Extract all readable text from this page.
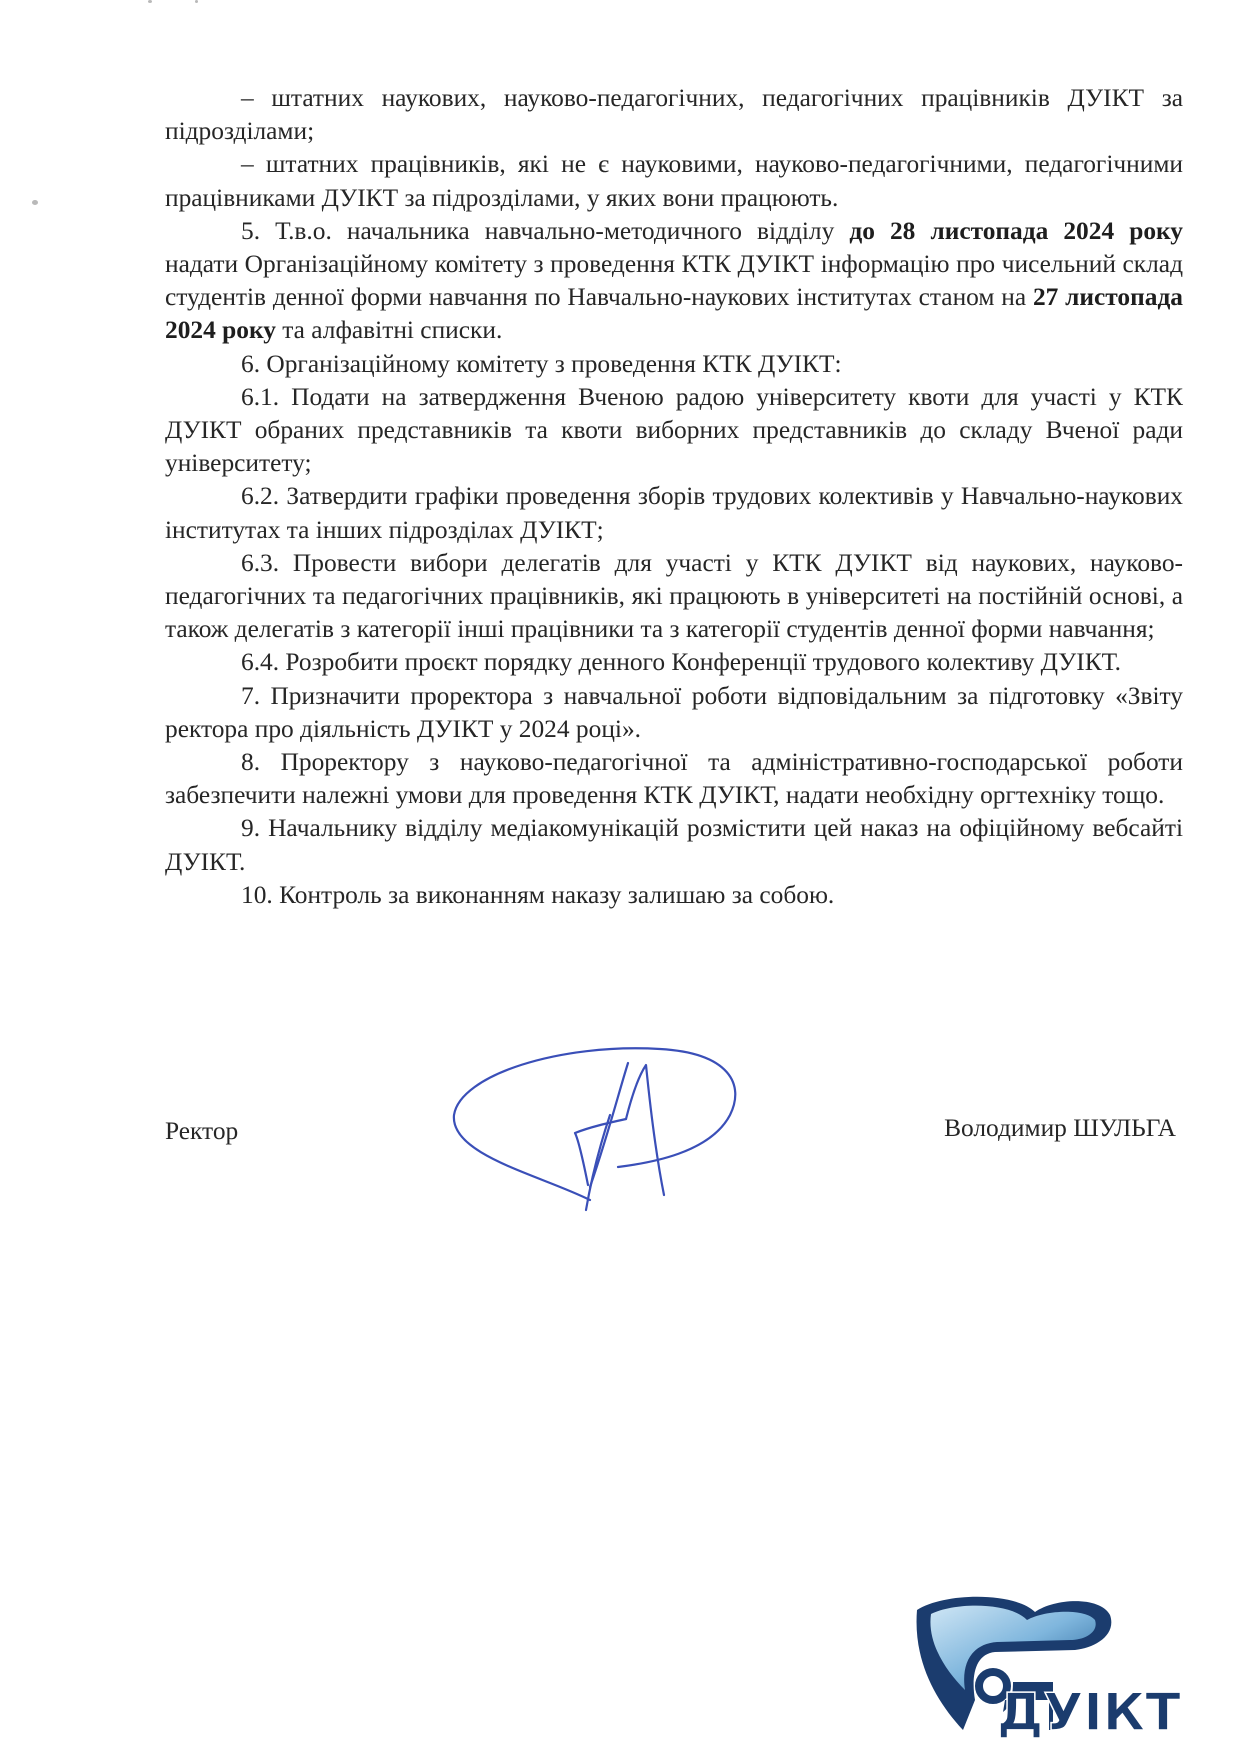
– штатних наукових, науково-педагогічних, педагогічних працівників ДУІКТ за підрозділами;

– штатних працівників, які не є науковими, науково-педагогічними, педагогічними працівниками ДУІКТ за підрозділами, у яких вони працюють.

5. Т.в.о. начальника навчально-методичного відділу до 28 листопада 2024 року надати Організаційному комітету з проведення КТК ДУІКТ інформацію про чисельний склад студентів денної форми навчання по Навчально-наукових інститутах станом на 27 листопада 2024 року та алфавітні списки.

6. Організаційному комітету з проведення КТК ДУІКТ:

6.1. Подати на затвердження Вченою радою університету квоти для участі у КТК ДУІКТ обраних представників та квоти виборних представників до складу Вченої ради університету;

6.2. Затвердити графіки проведення зборів трудових колективів у Навчально-наукових інститутах та інших підрозділах ДУІКТ;

6.3. Провести вибори делегатів для участі у КТК ДУІКТ від наукових, науково-педагогічних та педагогічних працівників, які працюють в університеті на постійній основі, а також делегатів з категорії інші працівники та з категорії студентів денної форми навчання;

6.4. Розробити проєкт порядку денного Конференції трудового колективу ДУІКТ.

7. Призначити проректора з навчальної роботи відповідальним за підготовку «Звіту ректора про діяльність ДУІКТ у 2024 році».

8. Проректору з науково-педагогічної та адміністративно-господарської роботи забезпечити належні умови для проведення КТК ДУІКТ, надати необхідну оргтехніку тощо.

9. Начальнику відділу медіакомунікацій розмістити цей наказ на офіційному вебсайті ДУІКТ.

10. Контроль за виконанням наказу залишаю за собою.

Ректор	Володимир ШУЛЬГА
ДУІКТ
